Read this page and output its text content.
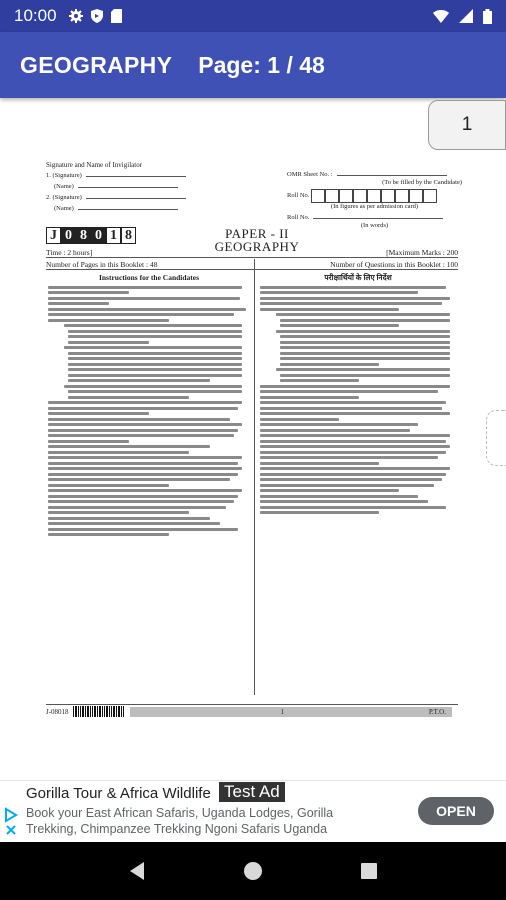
10:00
GEOGRAPHY Page: 1 / 48
1
Signature and Name of Invigilator
1. (Signature)
(Name)
2. (Signature)
(Name)
OMR Sheet No. :
(To be filled by the Candidate)
Roll No.
(In figures as per admission card)
Roll No.
(In words)
J 0 8 0 1 8	PAPER - II
GEOGRAPHY
Time : 2 hours]	[Maximum Marks : 200
Number of Pages in this Booklet : 48	Number of Questions in this Booklet : 100
Instructions for the Candidates	परीक्षार्थियों के लिए निर्देश
J-08018	1	P.T.O.
Gorilla Tour & Africa Wildlife Test Ad
Book your East African Safaris, Uganda Lodges, Gorilla Trekking, Chimpanzee Trekking Ngoni Safaris Uganda
OPEN
